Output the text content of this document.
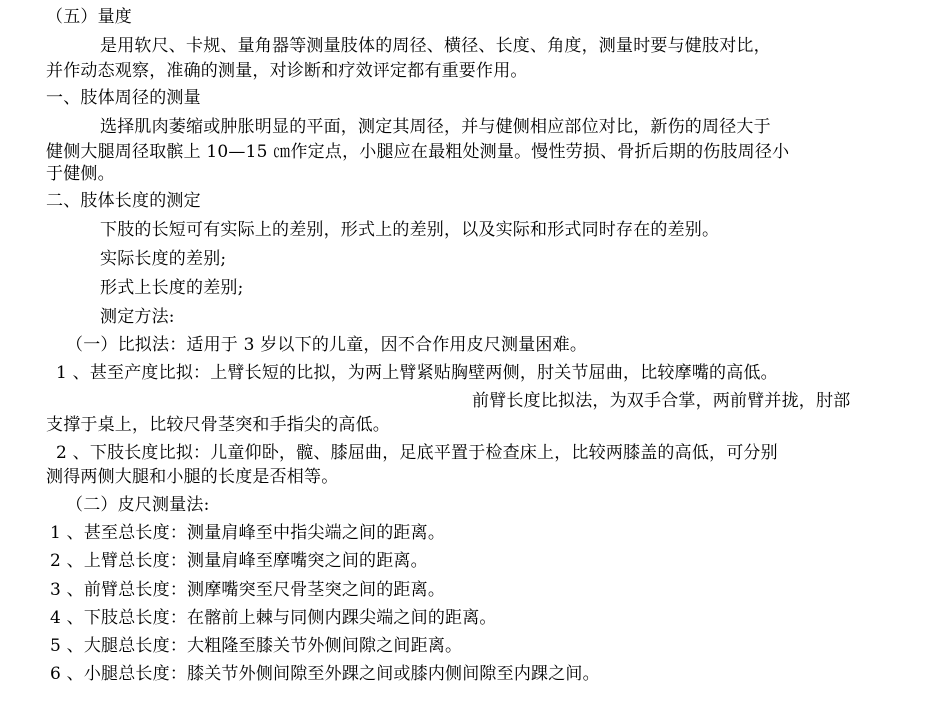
（五）量度
是用软尺、卡规、量角器等测量肢体的周径、横径、长度、角度，测量时要与健肢对比，
并作动态观察，准确的测量，对诊断和疗效评定都有重要作用。
一、肢体周径的测量
选择肌肉萎缩或肿胀明显的平面，测定其周径，并与健侧相应部位对比，新伤的周径大于
健侧大腿周径取髌上 10—15 ㎝作定点，小腿应在最粗处测量。慢性劳损、骨折后期的伤肢周径小
于健侧。
二、肢体长度的测定
下肢的长短可有实际上的差别，形式上的差别，以及实际和形式同时存在的差别。
实际长度的差别;
形式上长度的差别;
测定方法:
（一）比拟法：适用于 3 岁以下的儿童，因不合作用皮尺测量困难。
1 、甚至产度比拟：上臂长短的比拟，为两上臂紧贴胸壁两侧，肘关节屈曲，比较摩嘴的高低。
前臂长度比拟法，为双手合掌，两前臂并拢，肘部
支撑于桌上，比较尺骨茎突和手指尖的高低。
2 、下肢长度比拟：儿童仰卧，髋、膝屈曲，足底平置于检查床上，比较两膝盖的高低，可分别
测得两侧大腿和小腿的长度是否相等。
（二）皮尺测量法:
1 、甚至总长度：测量肩峰至中指尖端之间的距离。
2 、上臂总长度：测量肩峰至摩嘴突之间的距离。
3 、前臂总长度：测摩嘴突至尺骨茎突之间的距离。
4 、下肢总长度：在髂前上棘与同侧内踝尖端之间的距离。
5 、大腿总长度：大粗隆至膝关节外侧间隙之间距离。
6 、小腿总长度：膝关节外侧间隙至外踝之间或膝内侧间隙至内踝之间。
